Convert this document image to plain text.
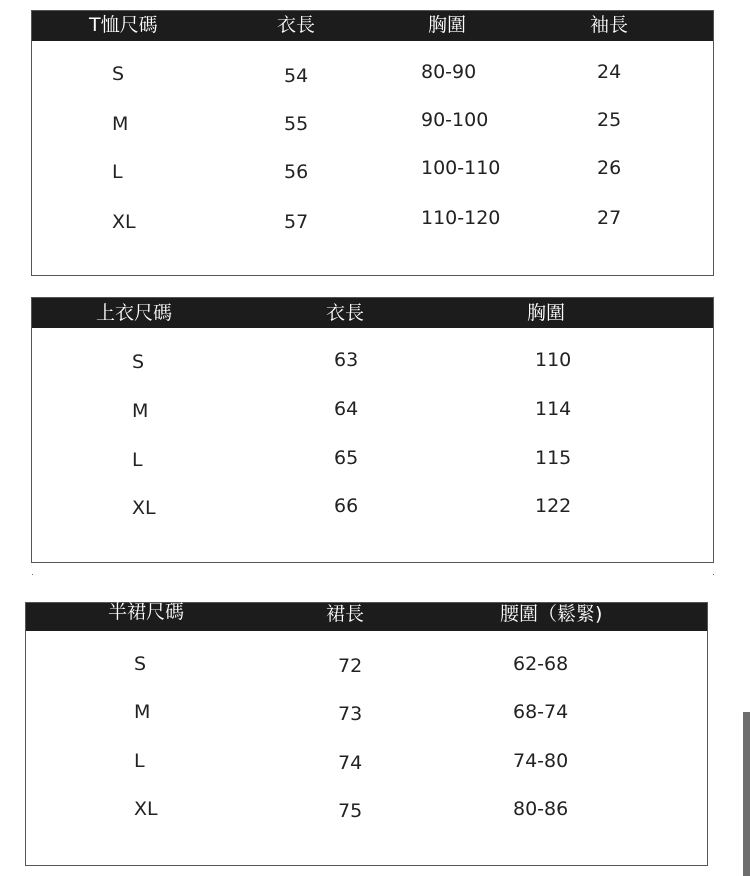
T恤尺碼	衣長	胸圍	袖長
S	54	80-90	24
M	55	90-100	25
L	56	100-110	26
XL	57	110-120	27
上衣尺碼	衣長	胸圍
S	63	110
M	64	114
L	65	115
XL	66	122
半裙尺碼	裙長	腰圍（鬆緊)
S	72	62-68
M	73	68-74
L	74	74-80
XL	75	80-86
